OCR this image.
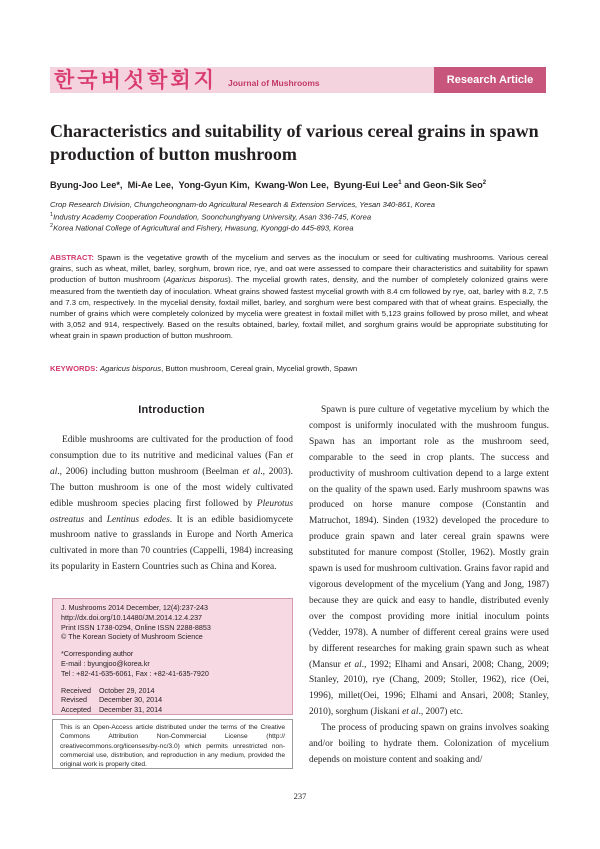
한국버섯학회지 Journal of Mushrooms	Research Article
Characteristics and suitability of various cereal grains in spawn production of button mushroom
Byung-Joo Lee*, Mi-Ae Lee, Yong-Gyun Kim, Kwang-Won Lee, Byung-Eui Lee$^1$ and Geon-Sik Seo$^2$
Crop Research Division, Chungcheongnam-do Agricultural Research & Extension Services, Yesan 340-861, Korea
$^1$Industry Academy Cooperation Foundation, Soonchunghyang University, Asan 336-745, Korea
$^2$Korea National College of Agricultural and Fishery, Hwasung, Kyonggi-do 445-893, Korea
ABSTRACT: Spawn is the vegetative growth of the mycelium and serves as the inoculum or seed for cultivating mushrooms. Various cereal grains, such as wheat, millet, barley, sorghum, brown rice, rye, and oat were assessed to compare their characteristics and suitability for spawn production of button mushroom (Agaricus bisporus). The mycelial growth rates, density, and the number of completely colonized grains were measured from the twentieth day of inoculation. Wheat grains showed fastest mycelial growth with 8.4 cm followed by rye, oat, barley with 8.2, 7.5 and 7.3 cm, respectively. In the mycelial density, foxtail millet, barley, and sorghum were best compared with that of wheat grains. Especially, the number of grains which were completely colonized by mycelia were greatest in foxtail millet with 5,123 grains followed by proso millet, and wheat with 3,052 and 914, respectively. Based on the results obtained, barley, foxtail millet, and sorghum grains would be appropriate substituting for wheat grain in spawn production of button mushroom.
KEYWORDS: Agaricus bisporus, Button mushroom, Cereal grain, Mycelial growth, Spawn
Introduction

Edible mushrooms are cultivated for the production of food consumption due to its nutritive and medicinal values (Fan et al., 2006) including button mushroom (Beelman et al., 2003). The button mushroom is one of the most widely cultivated edible mushroom species placing first followed by Pleurotus ostreatus and Lentinus edodes. It is an edible basidiomycete mushroom native to grasslands in Europe and North America cultivated in more than 70 countries (Cappelli, 1984) increasing its popularity in Eastern Countries such as China and Korea.

J. Mushrooms 2014 December, 12(4):237-243
http://dx.doi.org/10.14480/JM.2014.12.4.237
Print ISSN 1738-0294, Online ISSN 2288-8853
© The Korean Society of Mushroom Science
*Corresponding author
E-mail : byungjoo@korea.kr
Tel : +82-41-635-6061, Fax : +82-41-635-7920
Received    October 29, 2014
Revised      December 30, 2014
Accepted    December 31, 2014
This is an Open-Access article distributed under the terms of the Creative Commons Attribution Non-Commercial License (http:// creativecommons.org/licenses/by-nc/3.0) which permits unrestricted non-commercial use, distribution, and reproduction in any medium, provided the original work is properly cited.

Spawn is pure culture of vegetative mycelium by which the compost is uniformly inoculated with the mushroom fungus. Spawn has an important role as the mushroom seed, comparable to the seed in crop plants. The success and productivity of mushroom cultivation depend to a large extent on the quality of the spawn used. Early mushroom spawns was produced on horse manure compose (Constantin and Matruchot, 1894). Sinden (1932) developed the procedure to produce grain spawn and later cereal grain spawns were substituted for manure compost (Stoller, 1962). Mostly grain spawn is used for mushroom cultivation. Grains favor rapid and vigorous development of the mycelium (Yang and Jong, 1987) because they are quick and easy to handle, distributed evenly over the compost providing more initial inoculum points (Vedder, 1978). A number of different cereal grains were used by different researches for making grain spawn such as wheat (Mansur et al., 1992; Elhami and Ansari, 2008; Chang, 2009; Stanley, 2010), rye (Chang, 2009; Stoller, 1962), rice (Oei, 1996), millet(Oei, 1996; Elhami and Ansari, 2008; Stanley, 2010), sorghum (Jiskani et al., 2007) etc.

The process of producing spawn on grains involves soaking and/or boiling to hydrate them. Colonization of mycelium depends on moisture content and soaking and/

237
